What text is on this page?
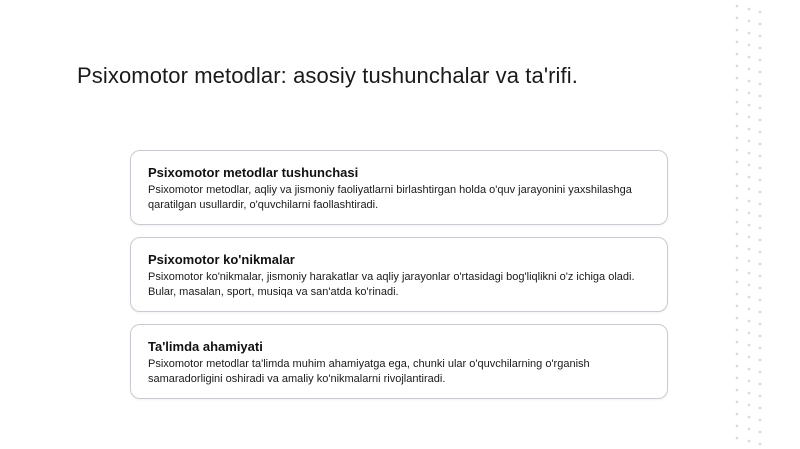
Psixomotor metodlar: asosiy tushunchalar va ta'rifi.
Psixomotor metodlar tushunchasi

Psixomotor metodlar, aqliy va jismoniy faoliyatlarni birlashtirgan holda o'quv jarayonini yaxshilashga qaratilgan usullardir, o'quvchilarni faollashtiradi.

Psixomotor ko'nikmalar

Psixomotor ko'nikmalar, jismoniy harakatlar va aqliy jarayonlar o'rtasidagi bog'liqlikni o'z ichiga oladi. Bular, masalan, sport, musiqa va san'atda ko'rinadi.

Ta'limda ahamiyati

Psixomotor metodlar ta'limda muhim ahamiyatga ega, chunki ular o'quvchilarning o'rganish samaradorligini oshiradi va amaliy ko'nikmalarni rivojlantiradi.
